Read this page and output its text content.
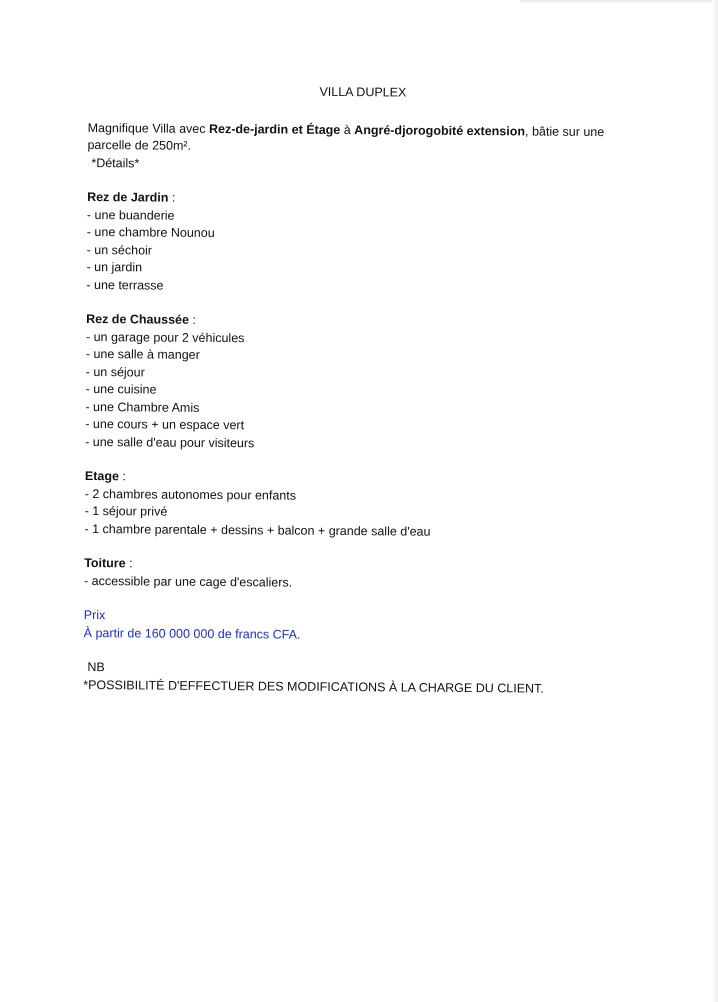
VILLA DUPLEX

Magnifique Villa avec Rez-de-jardin et Étage à Angré-djorogobité extension, bâtie sur une parcelle de 250m².

*Détails*

Rez de Jardin :

- une buanderie
- une chambre Nounou
- un séchoir
- un jardin
- une terrasse

Rez de Chaussée :

- un garage pour 2 véhicules
- une salle à manger
- un séjour
- une cuisine
- une Chambre Amis
- une cours + un espace vert
- une salle d'eau pour visiteurs

Etage :

- 2 chambres autonomes pour enfants
- 1 séjour privé
- 1 chambre parentale + dessins + balcon + grande salle d'eau

Toiture :

- accessible par une cage d'escaliers.
Prix
À partir de 160 000 000 de francs CFA.
NB
*POSSIBILITÉ D'EFFECTUER DES MODIFICATIONS À LA CHARGE DU CLIENT.
